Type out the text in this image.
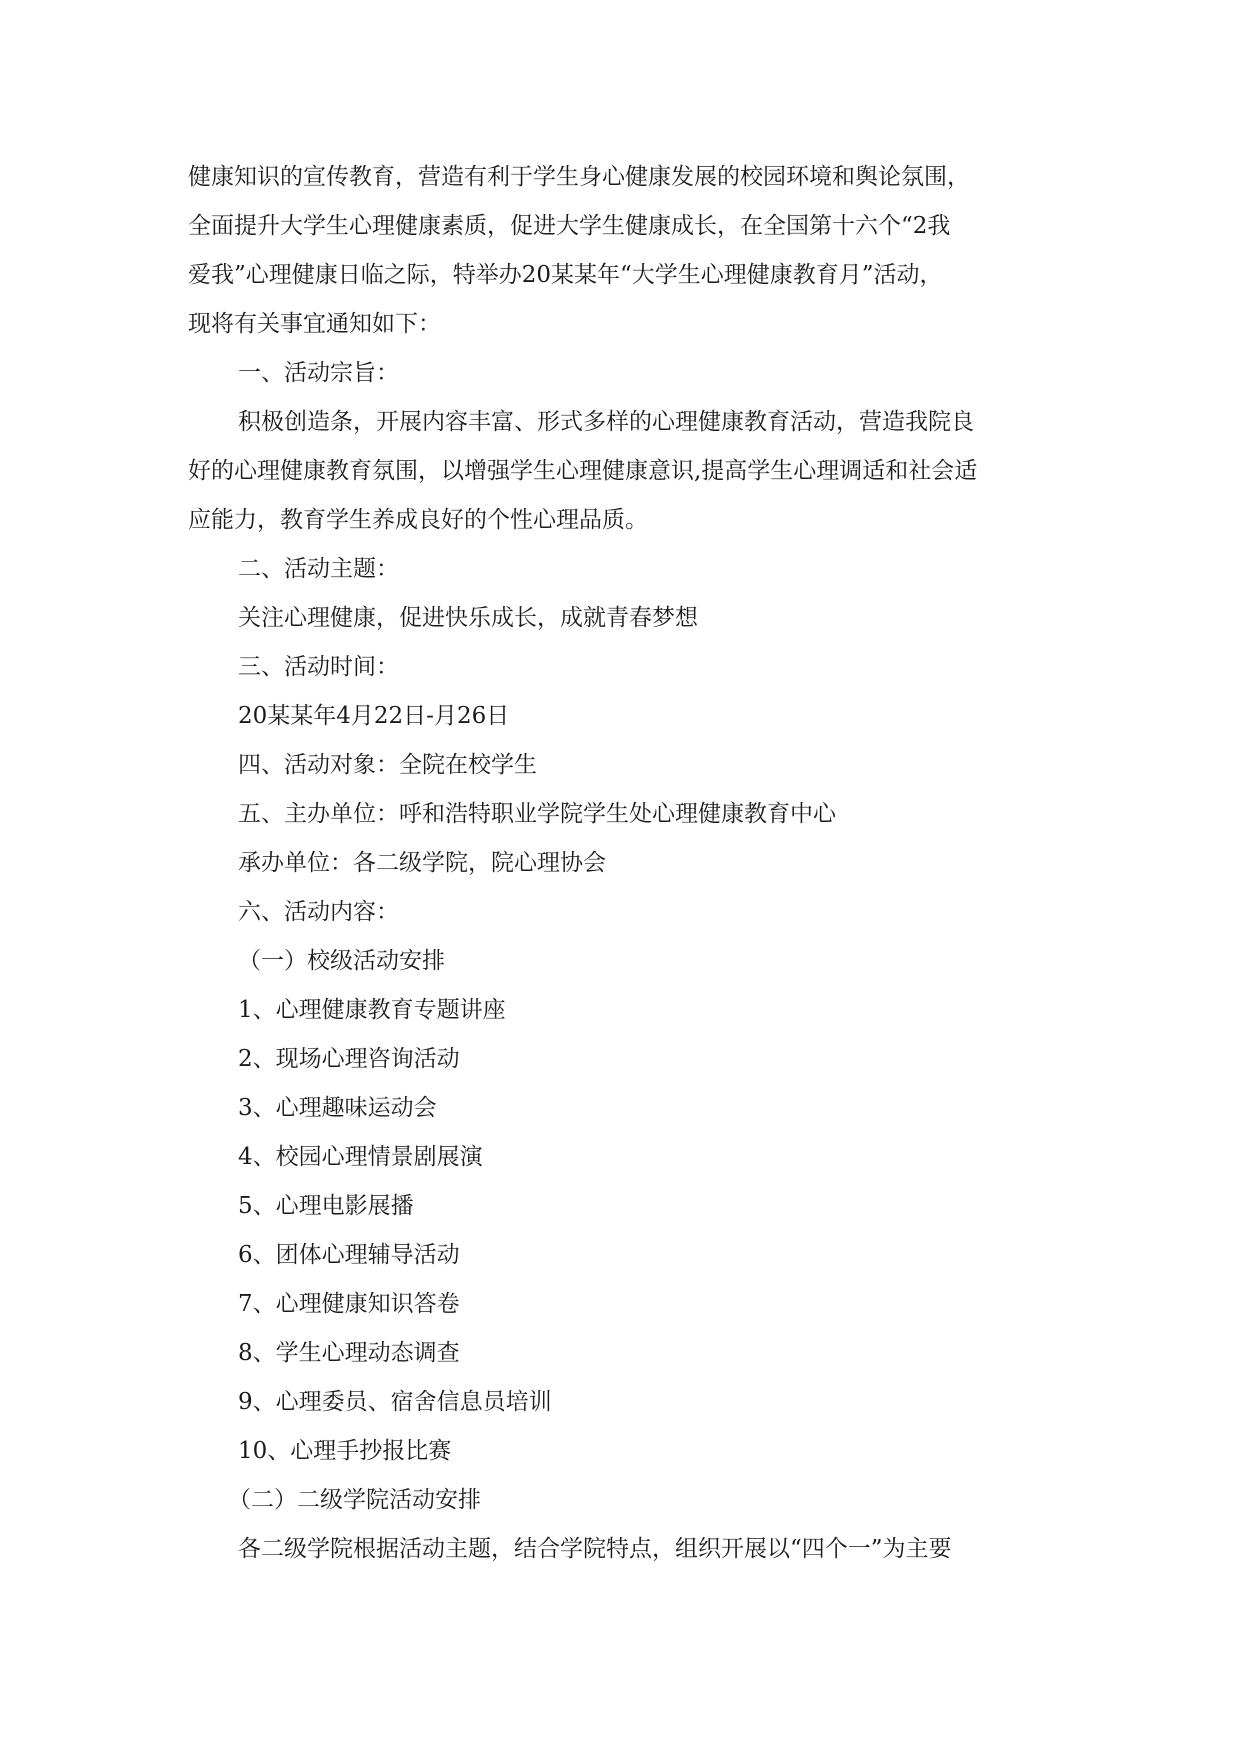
健康知识的宣传教育，营造有利于学生身心健康发展的校园环境和舆论氛围，
全面提升大学生心理健康素质，促进大学生健康成长，在全国第十六个“2我
爱我”心理健康日临之际，特举办20某某年“大学生心理健康教育月”活动，
现将有关事宜通知如下：
一、活动宗旨：
积极创造条，开展内容丰富、形式多样的心理健康教育活动，营造我院良
好的心理健康教育氛围，以增强学生心理健康意识,提高学生心理调适和社会适
应能力，教育学生养成良好的个性心理品质。
二、活动主题：
关注心理健康，促进快乐成长，成就青春梦想
三、活动时间：
20某某年4月22日-月26日
四、活动对象：全院在校学生
五、主办单位：呼和浩特职业学院学生处心理健康教育中心
承办单位：各二级学院，院心理协会
六、活动内容：
（一）校级活动安排
1、心理健康教育专题讲座
2、现场心理咨询活动
3、心理趣味运动会
4、校园心理情景剧展演
5、心理电影展播
6、团体心理辅导活动
7、心理健康知识答卷
8、学生心理动态调查
9、心理委员、宿舍信息员培训
10、心理手抄报比赛
（二）二级学院活动安排
各二级学院根据活动主题，结合学院特点，组织开展以“四个一”为主要
